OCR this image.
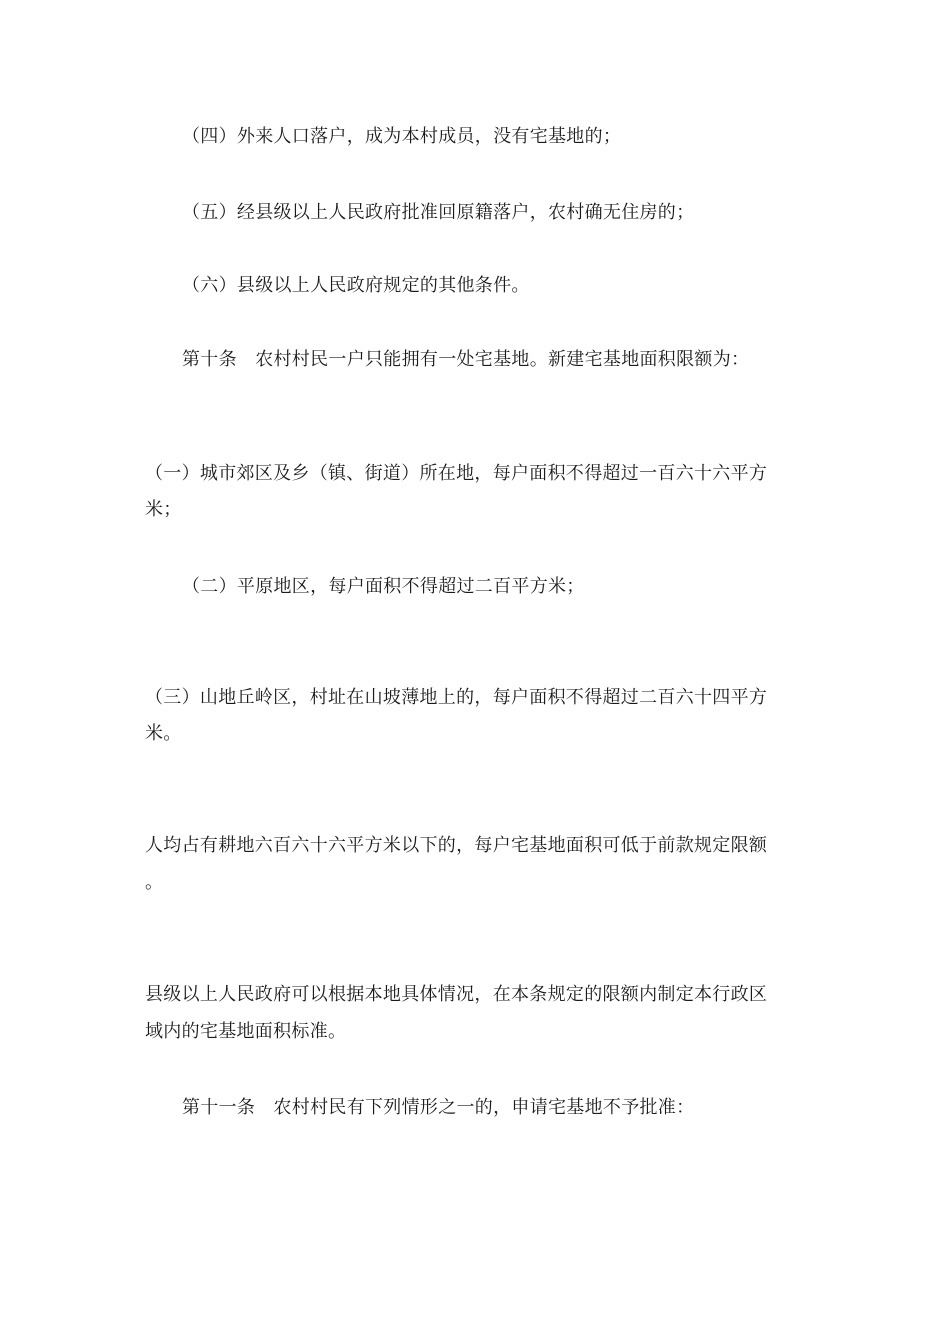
（四）外来人口落户，成为本村成员，没有宅基地的；
（五）经县级以上人民政府批准回原籍落户，农村确无住房的；
（六）县级以上人民政府规定的其他条件。
第十条　农村村民一户只能拥有一处宅基地。新建宅基地面积限额为：
（一）城市郊区及乡（镇、街道）所在地，每户面积不得超过一百六十六平方
米；
（二）平原地区，每户面积不得超过二百平方米；
（三）山地丘岭区，村址在山坡薄地上的，每户面积不得超过二百六十四平方
米。
人均占有耕地六百六十六平方米以下的，每户宅基地面积可低于前款规定限额
。
县级以上人民政府可以根据本地具体情况，在本条规定的限额内制定本行政区
域内的宅基地面积标准。
第十一条　农村村民有下列情形之一的，申请宅基地不予批准：
